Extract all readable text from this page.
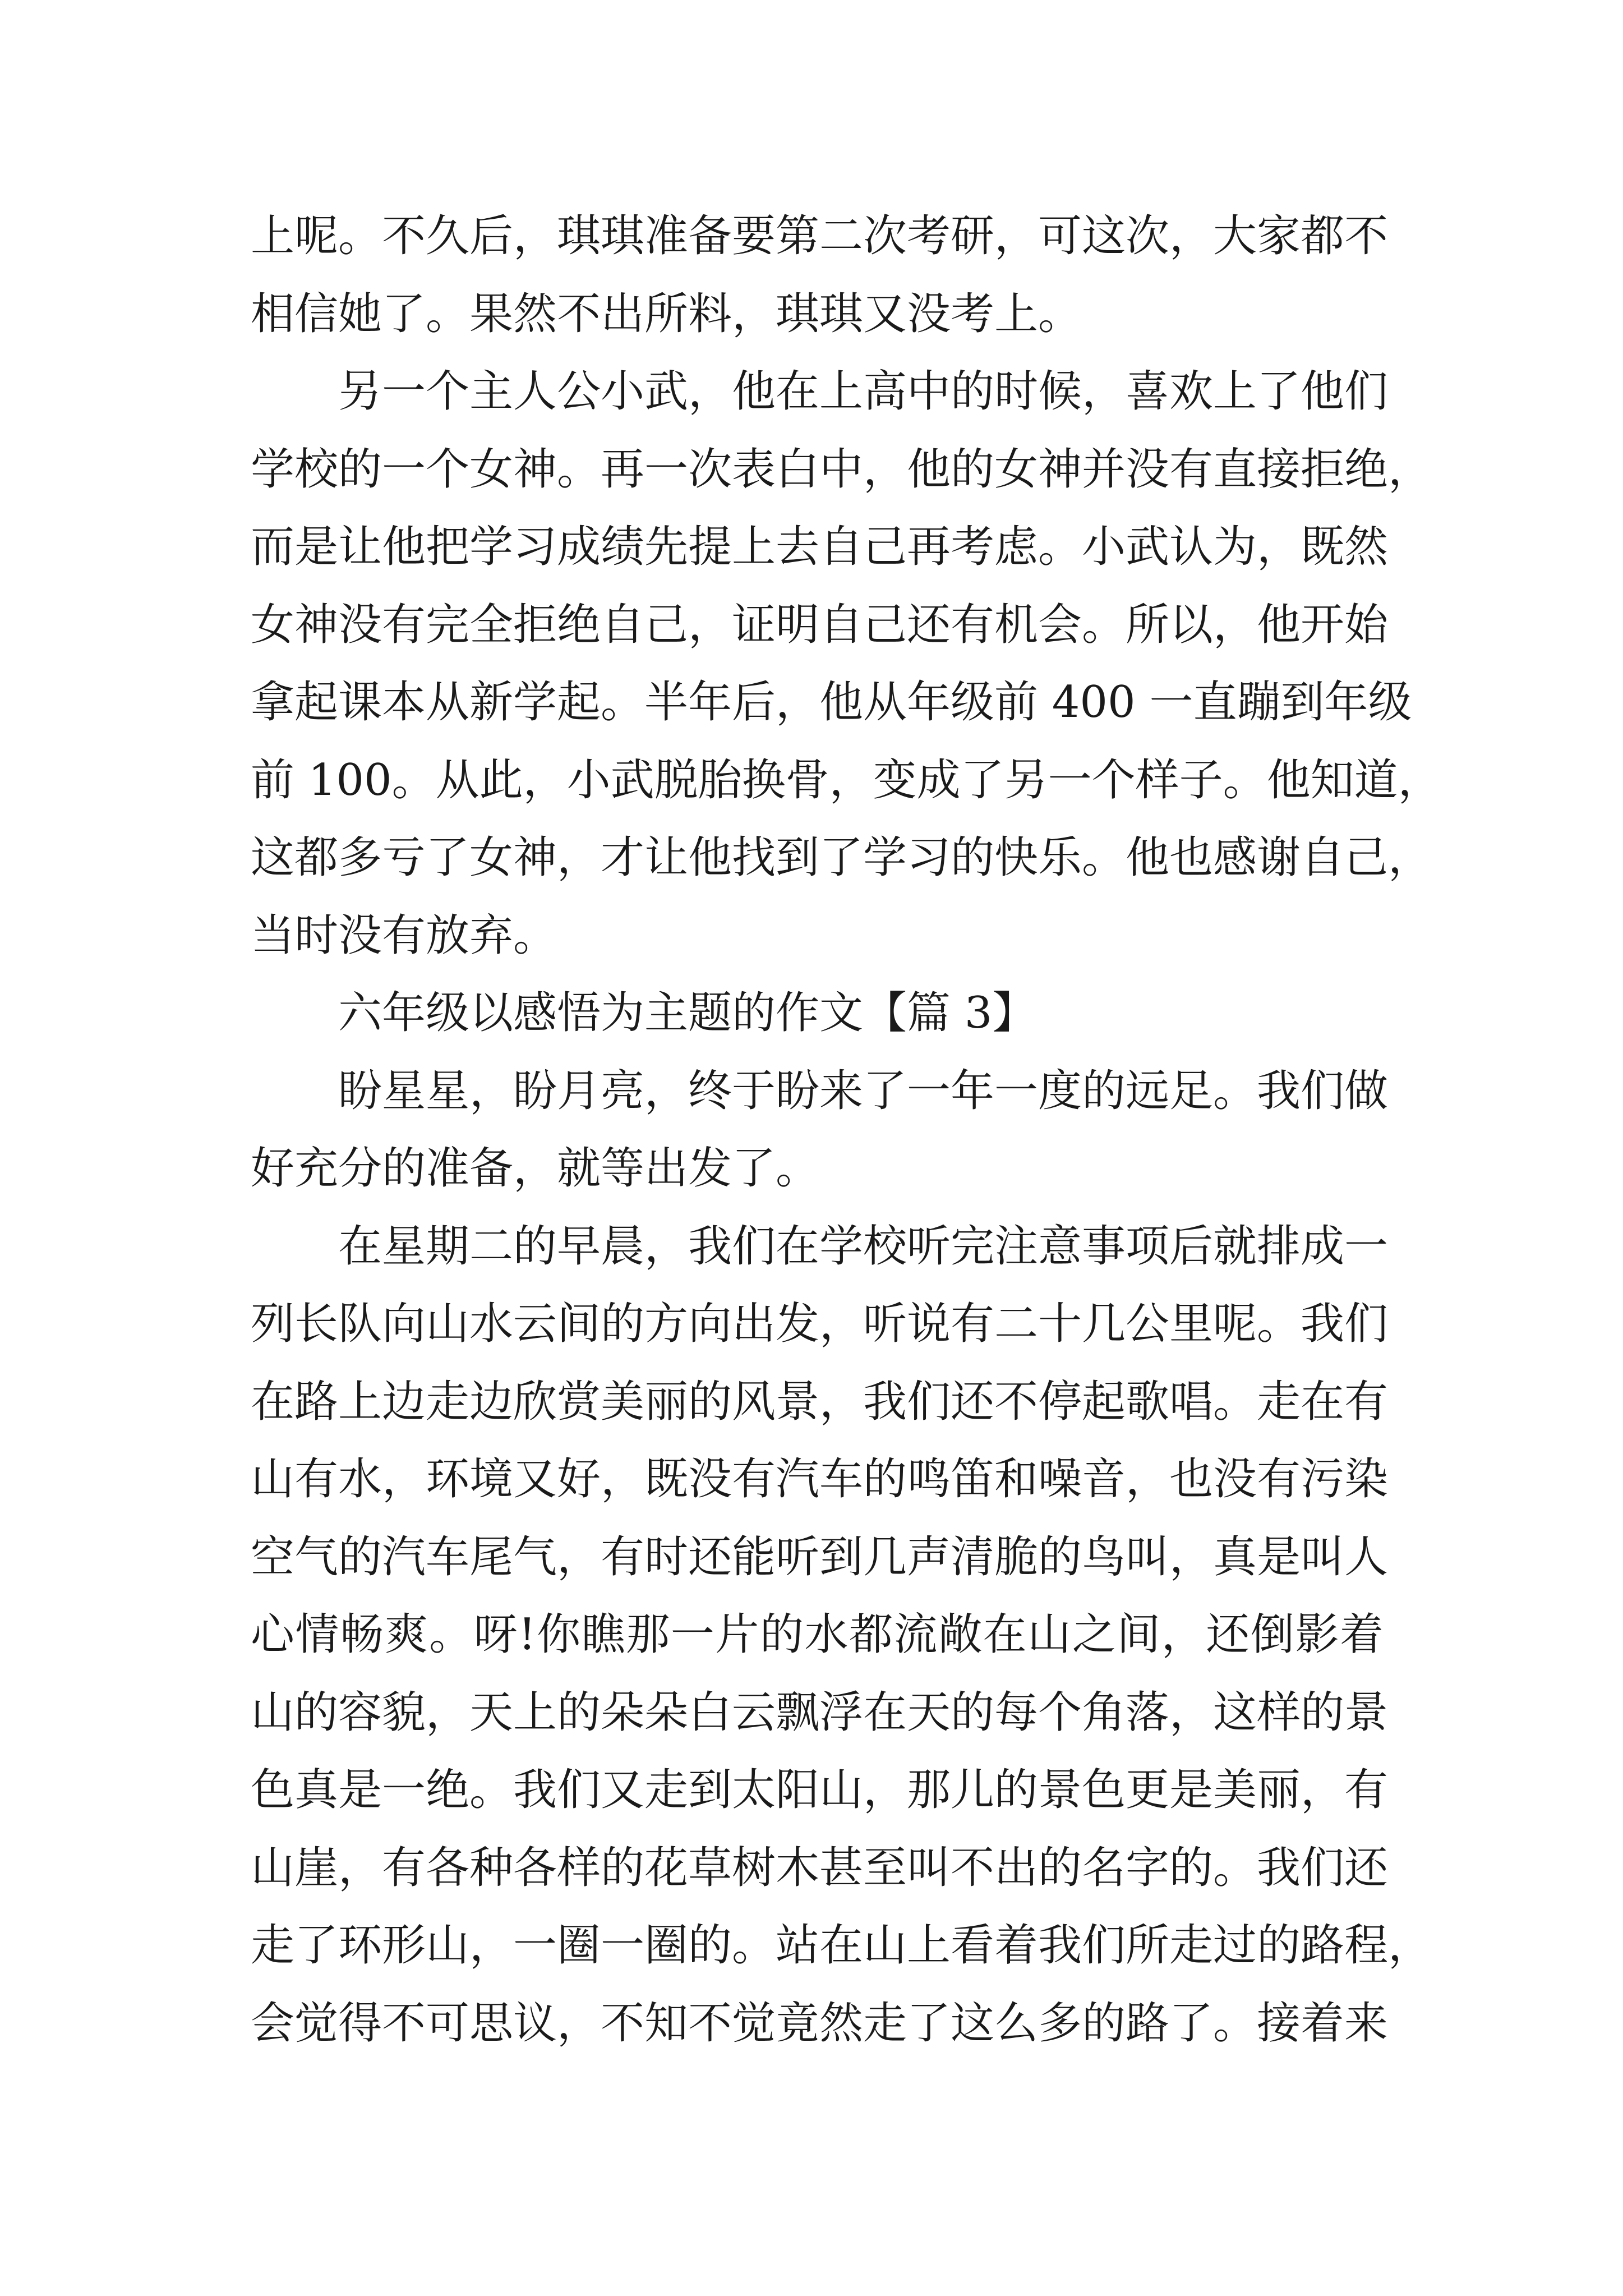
上呢。不久后，琪琪准备要第二次考研，可这次，大家都不
相信她了。果然不出所料，琪琪又没考上。
另一个主人公小武，他在上高中的时候，喜欢上了他们
学校的一个女神。再一次表白中，他的女神并没有直接拒绝，
而是让他把学习成绩先提上去自己再考虑。小武认为，既然
女神没有完全拒绝自己，证明自己还有机会。所以，他开始
拿起课本从新学起。半年后，他从年级前 400 一直蹦到年级
前 100。从此，小武脱胎换骨，变成了另一个样子。他知道，
这都多亏了女神，才让他找到了学习的快乐。他也感谢自己，
当时没有放弃。
六年级以感悟为主题的作文【篇 3】
盼星星，盼月亮，终于盼来了一年一度的远足。我们做
好充分的准备，就等出发了。
在星期二的早晨，我们在学校听完注意事项后就排成一
列长队向山水云间的方向出发，听说有二十几公里呢。我们
在路上边走边欣赏美丽的风景，我们还不停起歌唱。走在有
山有水，环境又好，既没有汽车的鸣笛和噪音，也没有污染
空气的汽车尾气，有时还能听到几声清脆的鸟叫，真是叫人
心情畅爽。呀!你瞧那一片的水都流敞在山之间，还倒影着
山的容貌，天上的朵朵白云飘浮在天的每个角落，这样的景
色真是一绝。我们又走到太阳山，那儿的景色更是美丽，有
山崖，有各种各样的花草树木甚至叫不出的名字的。我们还
走了环形山，一圈一圈的。站在山上看着我们所走过的路程，
会觉得不可思议，不知不觉竟然走了这么多的路了。接着来
